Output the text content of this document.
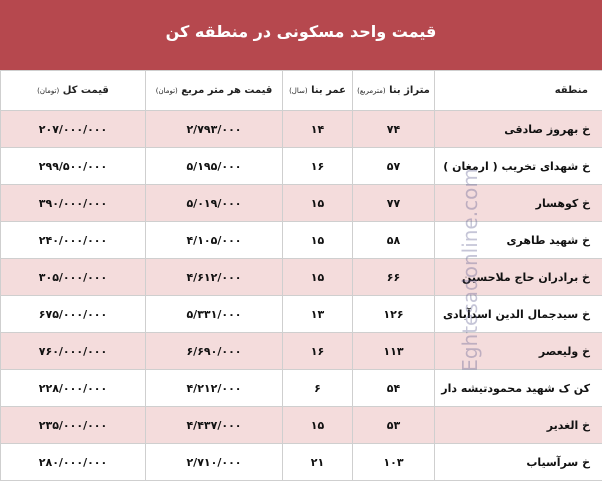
قیمت واحد مسکونی در منطقه کن
منطقه	متراژ بنا (مترمربع)	عمر بنا (سال)	قیمت هر متر مربع (تومان)	قیمت کل (تومان)
خ بهروز صادقی	۷۴	۱۴	۲/۷۹۳/۰۰۰	۲۰۷/۰۰۰/۰۰۰
خ شهدای تخریب ( ارمغان )	۵۷	۱۶	۵/۱۹۵/۰۰۰	۲۹۹/۵۰۰/۰۰۰
خ کوهسار	۷۷	۱۵	۵/۰۱۹/۰۰۰	۳۹۰/۰۰۰/۰۰۰
خ شهید طاهری	۵۸	۱۵	۴/۱۰۵/۰۰۰	۲۴۰/۰۰۰/۰۰۰
خ برادران حاج ملاحسین	۶۶	۱۵	۴/۶۱۲/۰۰۰	۳۰۵/۰۰۰/۰۰۰
خ سیدجمال الدین اسدآبادی	۱۲۶	۱۳	۵/۳۳۱/۰۰۰	۶۷۵/۰۰۰/۰۰۰
خ ولیعصر	۱۱۳	۱۶	۶/۶۹۰/۰۰۰	۷۶۰/۰۰۰/۰۰۰
کن ک شهید محمودتیشه دار	۵۴	۶	۴/۲۱۲/۰۰۰	۲۲۸/۰۰۰/۰۰۰
خ الغدیر	۵۳	۱۵	۴/۴۳۷/۰۰۰	۲۳۵/۰۰۰/۰۰۰
خ سرآسیاب	۱۰۳	۲۱	۲/۷۱۰/۰۰۰	۲۸۰/۰۰۰/۰۰۰
Eghtesadonline.com
